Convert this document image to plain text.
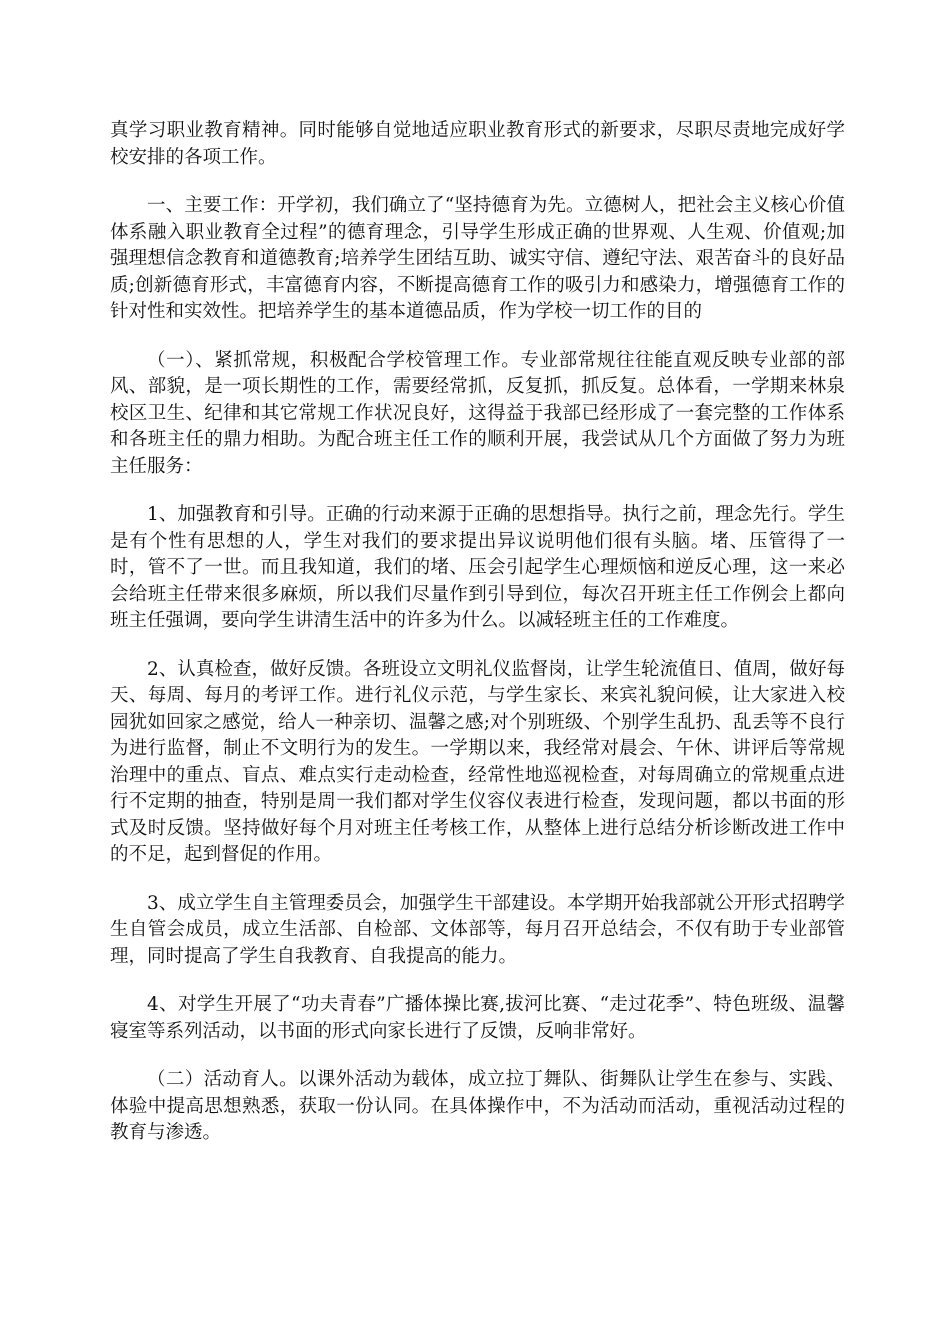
真学习职业教育精神。同时能够自觉地适应职业教育形式的新要求，尽职尽责地完成好学校安排的各项工作。

一、主要工作：开学初，我们确立了“坚持德育为先。立德树人，把社会主义核心价值体系融入职业教育全过程”的德育理念，引导学生形成正确的世界观、人生观、价值观;加强理想信念教育和道德教育;培养学生团结互助、诚实守信、遵纪守法、艰苦奋斗的良好品质;创新德育形式，丰富德育内容，不断提高德育工作的吸引力和感染力，增强德育工作的针对性和实效性。把培养学生的基本道德品质，作为学校一切工作的目的

（一）、紧抓常规，积极配合学校管理工作。专业部常规往往能直观反映专业部的部风、部貌，是一项长期性的工作，需要经常抓，反复抓，抓反复。总体看，一学期来林泉校区卫生、纪律和其它常规工作状况良好，这得益于我部已经形成了一套完整的工作体系和各班主任的鼎力相助。为配合班主任工作的顺利开展，我尝试从几个方面做了努力为班主任服务：

1、加强教育和引导。正确的行动来源于正确的思想指导。执行之前，理念先行。学生是有个性有思想的人，学生对我们的要求提出异议说明他们很有头脑。堵、压管得了一时，管不了一世。而且我知道，我们的堵、压会引起学生心理烦恼和逆反心理，这一来必会给班主任带来很多麻烦，所以我们尽量作到引导到位，每次召开班主任工作例会上都向班主任强调，要向学生讲清生活中的许多为什么。以减轻班主任的工作难度。

2、认真检查，做好反馈。各班设立文明礼仪监督岗，让学生轮流值日、值周，做好每天、每周、每月的考评工作。进行礼仪示范，与学生家长、来宾礼貌问候，让大家进入校园犹如回家之感觉，给人一种亲切、温馨之感;对个别班级、个别学生乱扔、乱丢等不良行为进行监督，制止不文明行为的发生。一学期以来，我经常对晨会、午休、讲评后等常规治理中的重点、盲点、难点实行走动检查，经常性地巡视检查，对每周确立的常规重点进行不定期的抽查，特别是周一我们都对学生仪容仪表进行检查，发现问题，都以书面的形式及时反馈。坚持做好每个月对班主任考核工作，从整体上进行总结分析诊断改进工作中的不足，起到督促的作用。

3、成立学生自主管理委员会，加强学生干部建设。本学期开始我部就公开形式招聘学生自管会成员，成立生活部、自检部、文体部等，每月召开总结会，不仅有助于专业部管理，同时提高了学生自我教育、自我提高的能力。

4、对学生开展了“功夫青春”广播体操比赛,拔河比赛、“走过花季”、特色班级、温馨寝室等系列活动，以书面的形式向家长进行了反馈，反响非常好。

（二）活动育人。以课外活动为载体，成立拉丁舞队、街舞队让学生在参与、实践、体验中提高思想熟悉，获取一份认同。在具体操作中，不为活动而活动，重视活动过程的教育与渗透。
